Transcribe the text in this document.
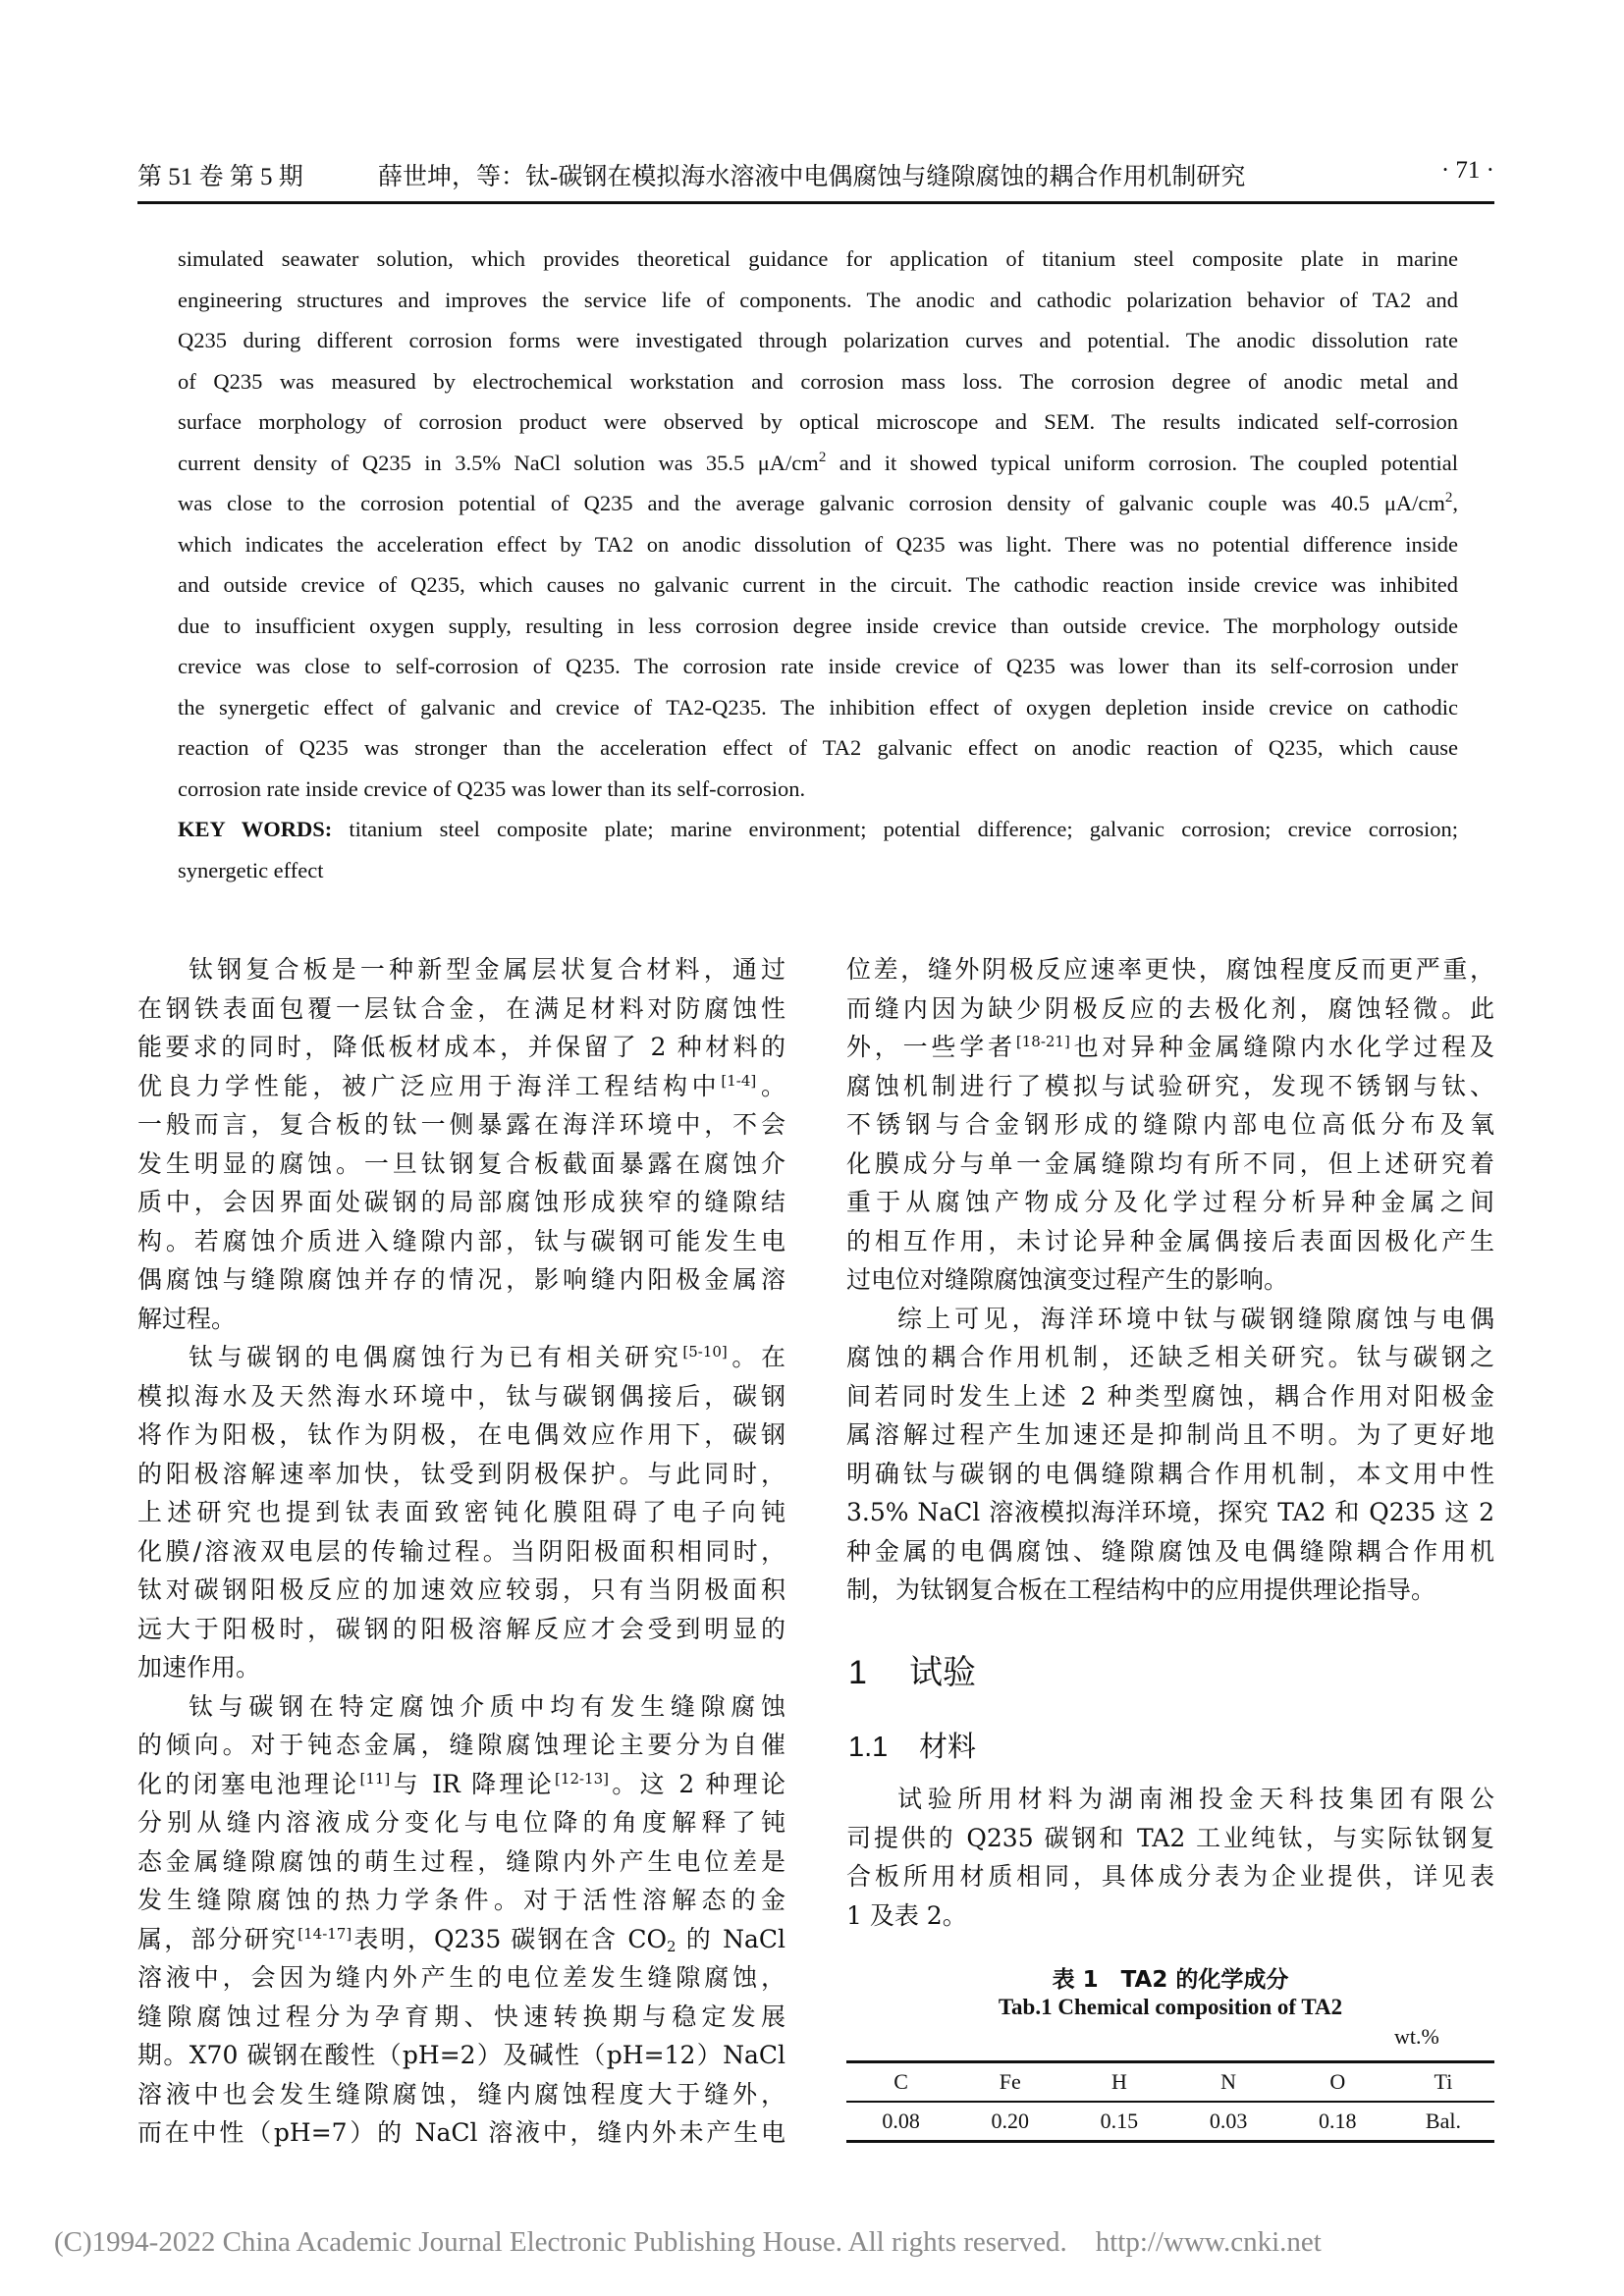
第 51 卷 第 5 期	薛世坤，等：钛-碳钢在模拟海水溶液中电偶腐蚀与缝隙腐蚀的耦合作用机制研究	· 71 ·
simulated seawater solution, which provides theoretical guidance for application of titanium steel composite plate in marine
engineering structures and improves the service life of components. The anodic and cathodic polarization behavior of TA2 and
Q235 during different corrosion forms were investigated through polarization curves and potential. The anodic dissolution rate
of Q235 was measured by electrochemical workstation and corrosion mass loss. The corrosion degree of anodic metal and
surface morphology of corrosion product were observed by optical microscope and SEM. The results indicated self-corrosion
current density of Q235 in 3.5% NaCl solution was 35.5 $\mu A/cm^2$ and it showed typical uniform corrosion. The coupled potential
was close to the corrosion potential of Q235 and the average galvanic corrosion density of galvanic couple was 40.5 $\mu A/cm^2$,
which indicates the acceleration effect by TA2 on anodic dissolution of Q235 was light. There was no potential difference inside
and outside crevice of Q235, which causes no galvanic current in the circuit. The cathodic reaction inside crevice was inhibited
due to insufficient oxygen supply, resulting in less corrosion degree inside crevice than outside crevice. The morphology outside
crevice was close to self-corrosion of Q235. The corrosion rate inside crevice of Q235 was lower than its self-corrosion under
the synergetic effect of galvanic and crevice of TA2-Q235. The inhibition effect of oxygen depletion inside crevice on cathodic
reaction of Q235 was stronger than the acceleration effect of TA2 galvanic effect on anodic reaction of Q235, which cause
corrosion rate inside crevice of Q235 was lower than its self-corrosion.
KEY WORDS: titanium steel composite plate; marine environment; potential difference; galvanic corrosion; crevice corrosion;
synergetic effect
钛钢复合板是一种新型金属层状复合材料，通过
在钢铁表面包覆一层钛合金，在满足材料对防腐蚀性
能要求的同时，降低板材成本，并保留了 2 种材料的
优良力学性能，被广泛应用于海洋工程结构中[1-4]。
一般而言，复合板的钛一侧暴露在海洋环境中，不会
发生明显的腐蚀。一旦钛钢复合板截面暴露在腐蚀介
质中，会因界面处碳钢的局部腐蚀形成狭窄的缝隙结
构。若腐蚀介质进入缝隙内部，钛与碳钢可能发生电
偶腐蚀与缝隙腐蚀并存的情况，影响缝内阳极金属溶
解过程。
钛与碳钢的电偶腐蚀行为已有相关研究[5-10]。在
模拟海水及天然海水环境中，钛与碳钢偶接后，碳钢
将作为阳极，钛作为阴极，在电偶效应作用下，碳钢
的阳极溶解速率加快，钛受到阴极保护。与此同时，
上述研究也提到钛表面致密钝化膜阻碍了电子向钝
化膜/溶液双电层的传输过程。当阴阳极面积相同时，
钛对碳钢阳极反应的加速效应较弱，只有当阴极面积
远大于阳极时，碳钢的阳极溶解反应才会受到明显的
加速作用。
钛与碳钢在特定腐蚀介质中均有发生缝隙腐蚀
的倾向。对于钝态金属，缝隙腐蚀理论主要分为自催
化的闭塞电池理论[11]与 IR 降理论[12-13]。这 2 种理论
分别从缝内溶液成分变化与电位降的角度解释了钝
态金属缝隙腐蚀的萌生过程，缝隙内外产生电位差是
发生缝隙腐蚀的热力学条件。对于活性溶解态的金
属，部分研究[14-17]表明，Q235 碳钢在含 $CO_2$ 的 NaCl
溶液中，会因为缝内外产生的电位差发生缝隙腐蚀，
缝隙腐蚀过程分为孕育期、快速转换期与稳定发展
期。X70 碳钢在酸性（pH=2）及碱性（pH=12）NaCl
溶液中也会发生缝隙腐蚀，缝内腐蚀程度大于缝外，
而在中性（pH=7）的 NaCl 溶液中，缝内外未产生电
位差，缝外阴极反应速率更快，腐蚀程度反而更严重，
而缝内因为缺少阴极反应的去极化剂，腐蚀轻微。此
外，一些学者[18-21]也对异种金属缝隙内水化学过程及
腐蚀机制进行了模拟与试验研究，发现不锈钢与钛、
不锈钢与合金钢形成的缝隙内部电位高低分布及氧
化膜成分与单一金属缝隙均有所不同，但上述研究着
重于从腐蚀产物成分及化学过程分析异种金属之间
的相互作用，未讨论异种金属偶接后表面因极化产生
过电位对缝隙腐蚀演变过程产生的影响。
综上可见，海洋环境中钛与碳钢缝隙腐蚀与电偶
腐蚀的耦合作用机制，还缺乏相关研究。钛与碳钢之
间若同时发生上述 2 种类型腐蚀，耦合作用对阳极金
属溶解过程产生加速还是抑制尚且不明。为了更好地
明确钛与碳钢的电偶缝隙耦合作用机制，本文用中性
3.5% NaCl 溶液模拟海洋环境，探究 TA2 和 Q235 这 2
种金属的电偶腐蚀、缝隙腐蚀及电偶缝隙耦合作用机
制，为钛钢复合板在工程结构中的应用提供理论指导。
1 试验
1.1 材料
试验所用材料为湖南湘投金天科技集团有限公
司提供的 Q235 碳钢和 TA2 工业纯钛，与实际钛钢复
合板所用材质相同，具体成分表为企业提供，详见表
1 及表 2。
表 1　TA2 的化学成分
Tab.1 Chemical composition of TA2
wt.%
C	Fe	H	N	O	Ti
0.08	0.20	0.15	0.03	0.18	Bal.
(C)1994-2022 China Academic Journal Electronic Publishing House. All rights reserved. http://www.cnki.net
